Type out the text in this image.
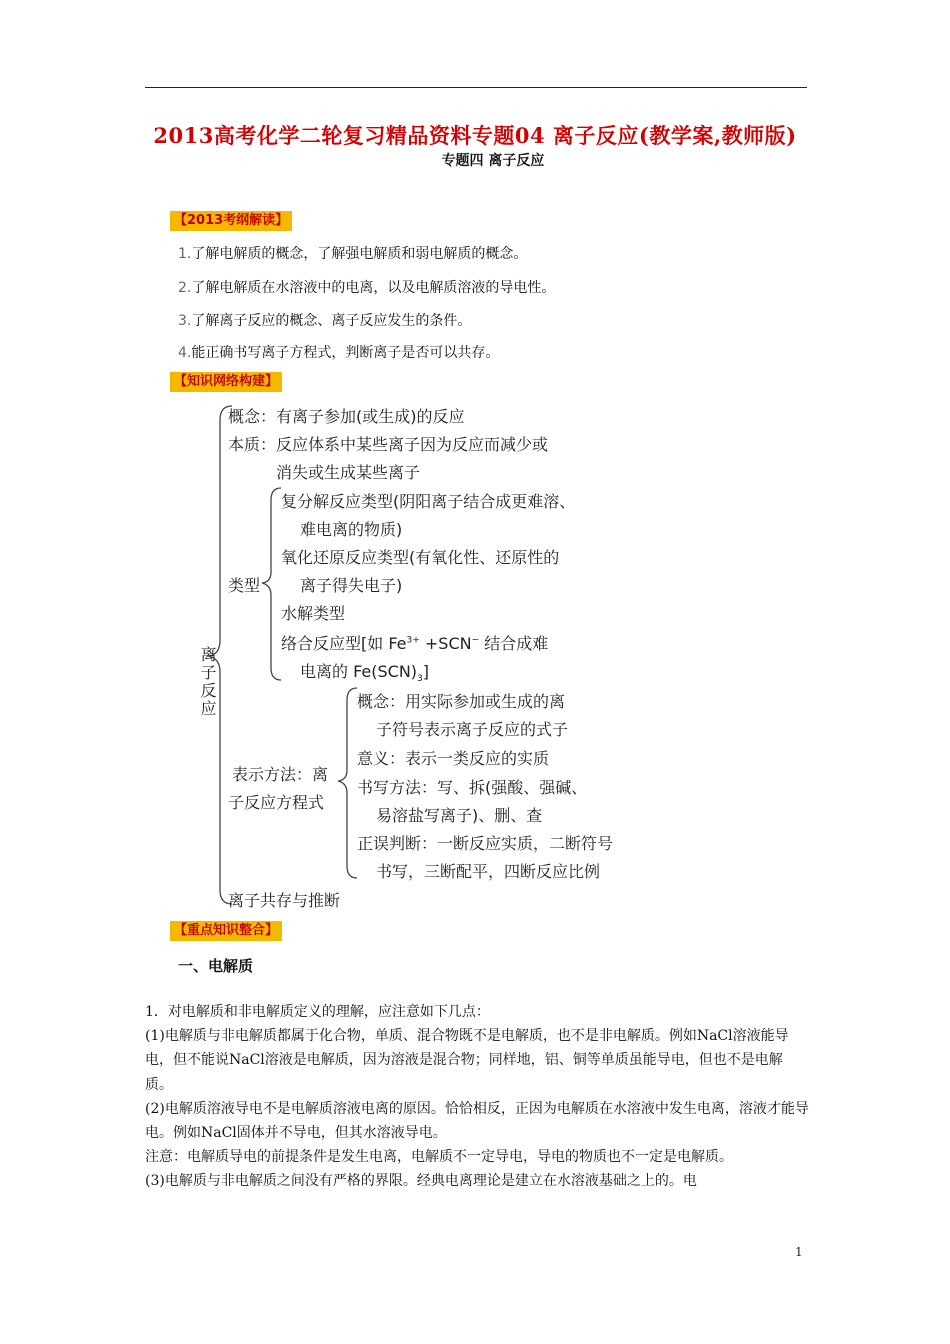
2013高考化学二轮复习精品资料专题04 离子反应(教学案,教师版)
专题四 离子反应
【2013考纲解读】
1.了解电解质的概念，了解强电解质和弱电解质的概念。
2.了解电解质在水溶液中的电离，以及电解质溶液的导电性。
3.了解离子反应的概念、离子反应发生的条件。
4.能正确书写离子方程式，判断离子是否可以共存。
【知识网络构建】
离子反应
概念：有离子参加(或生成)的反应
本质：反应体系中某些离子因为反应而减少或
消失或生成某些离子
类型
复分解反应类型(阴阳离子结合成更难溶、
难电离的物质)
氧化还原反应类型(有氧化性、还原性的
离子得失电子)
水解类型
络合反应型[如 $Fe^{3+} +SCN^-$ 结合成难
电离的 $Fe(SCN)_3$]
表示方法：离
子反应方程式
概念：用实际参加或生成的离
子符号表示离子反应的式子
意义：表示一类反应的实质
书写方法：写、拆(强酸、强碱、
易溶盐写离子)、删、查
正误判断：一断反应实质，二断符号
书写，三断配平，四断反应比例
离子共存与推断
【重点知识整合】
一、电解质

1．对电解质和非电解质定义的理解，应注意如下几点：

(1)电解质与非电解质都属于化合物，单质、混合物既不是电解质，也不是非电解质。例如NaCl溶液能导电，但不能说NaCl溶液是电解质，因为溶液是混合物；同样地，铝、铜等单质虽能导电，但也不是电解质。

(2)电解质溶液导电不是电解质溶液电离的原因。恰恰相反，正因为电解质在水溶液中发生电离，溶液才能导电。例如NaCl固体并不导电，但其水溶液导电。

注意：电解质导电的前提条件是发生电离，电解质不一定导电，导电的物质也不一定是电解质。

(3)电解质与非电解质之间没有严格的界限。经典电离理论是建立在水溶液基础之上的。电

1
